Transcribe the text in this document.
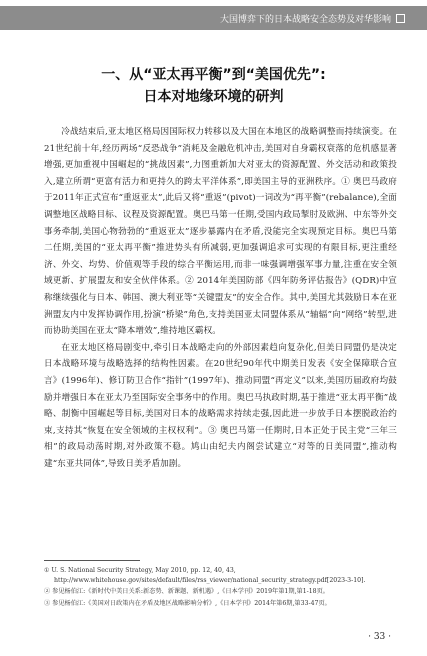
大国博弈下的日本战略安全态势及对华影响
一、从“亚太再平衡”到“美国优先”:
日本对地缘环境的研判

冷战结束后,亚太地区格局因国际权力转移以及大国在本地区的战略调整而持续演变。在21世纪前十年,经历两场“反恐战争”消耗及金融危机冲击,美国对自身霸权衰落的危机感显著增强,更加重视中国崛起的“挑战因素”,力图重新加大对亚太的资源配置、外交活动和政策投入,建立所谓“更富有活力和更持久的跨太平洋体系”,即美国主导的亚洲秩序。① 奥巴马政府于2011年正式宣布“重返亚太”,此后又将“重返”(pivot)一词改为“再平衡”(rebalance),全面调整地区战略目标、议程及资源配置。奥巴马第一任期,受国内政局掣肘及欧洲、中东等外交事务牵制,美国心物勃勃的“重返亚太”逐步暴露内在矛盾,没能完全实现预定目标。奥巴马第二任期,美国的“亚太再平衡”推进势头有所减弱,更加强调追求可实现的有限目标,更注重经济、外交、均势、价值观等手段的综合平衡运用,而非一味强调增强军事力量,注重在安全领域更新、扩展盟友和安全伙伴体系。② 2014年美国防部《四年防务评估报告》(QDR)中宣称继续强化与日本、韩国、澳大利亚等“关键盟友”的安全合作。其中,美国尤其鼓励日本在亚洲盟友内中发挥协调作用,扮演“桥梁”角色,支持美国亚太同盟体系从“轴辐”向“网络”转型,进而协助美国在亚太“降本增效”,维持地区霸权。

在亚太地区格局剧变中,牵引日本战略走向的外部因素趋向复杂化,但美日同盟仍是决定日本战略环境与战略选择的结构性因素。在20世纪90年代中期美日发表《安全保障联合宣言》(1996年)、修订防卫合作“指针”(1997年)、推动同盟“再定义”以来,美国历届政府均鼓励并增强日本在亚太乃至国际安全事务中的作用。奥巴马执政时期,基于推进“亚太再平衡”战略、制衡中国崛起等目标,美国对日本的战略需求持续走强,因此进一步放手日本摆脱政治约束,支持其“恢复在安全领域的主权权利”。③ 奥巴马第一任期时,日本正处于民主党“三年三相”的政局动荡时期,对外政策不稳。鸠山由纪夫内阁尝试建立“对等的日美同盟”,推动构建“东亚共同体”,导致日美矛盾加剧。

① U. S. National Security Strategy, May 2010, pp. 12, 40, 43, http://www.whitehouse.gov/sites/default/files/rss_viewer/national_security_strategy.pdf[2023-3-10].
② 参见杨伯江:《新时代中美日关系:新态势、新课题、新机遇》,《日本学刊》2019年第1期,第1-18页。
③ 参见杨伯江:《美国对日政策内在矛盾及地区战略影响分析》,《日本学刊》2014年第6期,第33-47页。
· 33 ·
